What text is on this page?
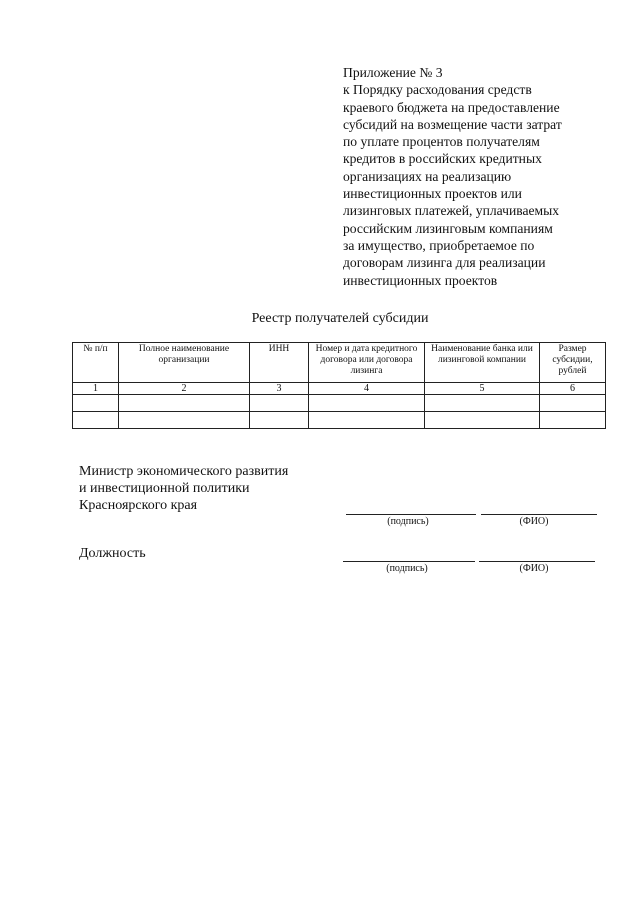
Приложение № 3
к Порядку расходования средств
краевого бюджета на предоставление
субсидий на возмещение части затрат
по уплате процентов получателям
кредитов в российских кредитных
организациях на реализацию
инвестиционных проектов или
лизинговых платежей, уплачиваемых
российским лизинговым компаниям
за имущество, приобретаемое по
договорам лизинга для реализации
инвестиционных проектов
Реестр получателей субсидии
№ п/п	Полное наименование организации	ИНН	Номер и дата кредитного договора или договора лизинга	Наименование банка или лизинговой компании	Размер субсидии, рублей
1	2	3	4	5	6

Министр экономического развития
и инвестиционной политики
Красноярского края
(подпись)	(ФИО)
Должность
(подпись)	(ФИО)
